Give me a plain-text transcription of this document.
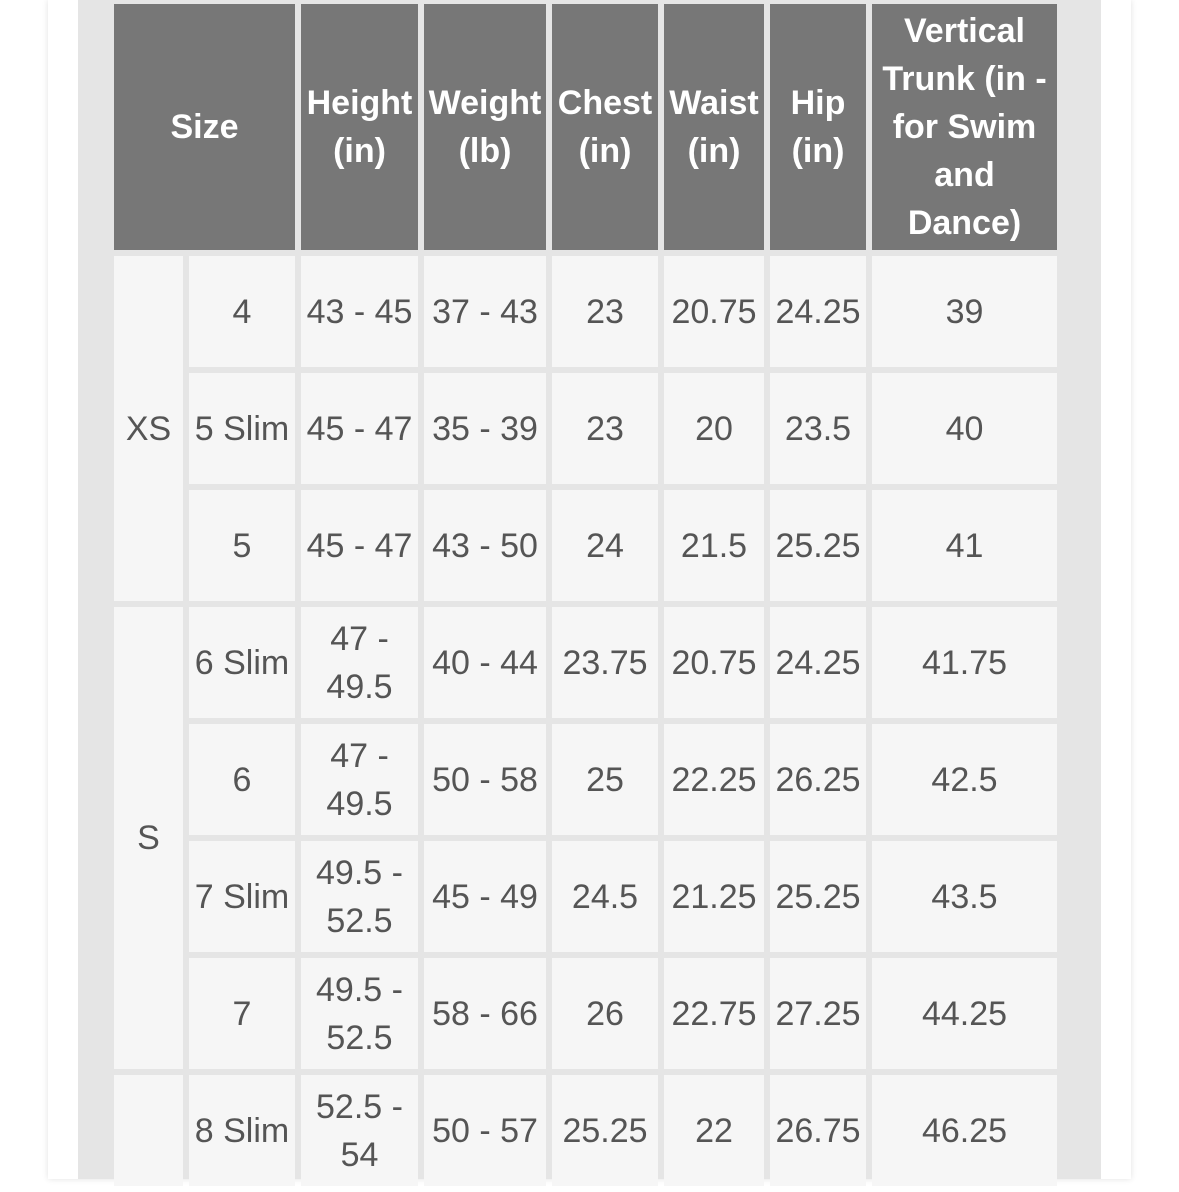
Size		Height (in)	Weight (lb)	Chest (in)	Waist (in)	Hip (in)	Vertical Trunk (in - for Swim and Dance)
XS	4	43 - 45	37 - 43	23	20.75	24.25	39
	5 Slim	45 - 47	35 - 39	23	20	23.5	40
	5	45 - 47	43 - 50	24	21.5	25.25	41
S	6 Slim	47 - 49.5	40 - 44	23.75	20.75	24.25	41.75
	6	47 - 49.5	50 - 58	25	22.25	26.25	42.5
	7 Slim	49.5 - 52.5	45 - 49	24.5	21.25	25.25	43.5
	7	49.5 - 52.5	58 - 66	26	22.75	27.25	44.25
	8 Slim	52.5 - 54	50 - 57	25.25	22	26.75	46.25
